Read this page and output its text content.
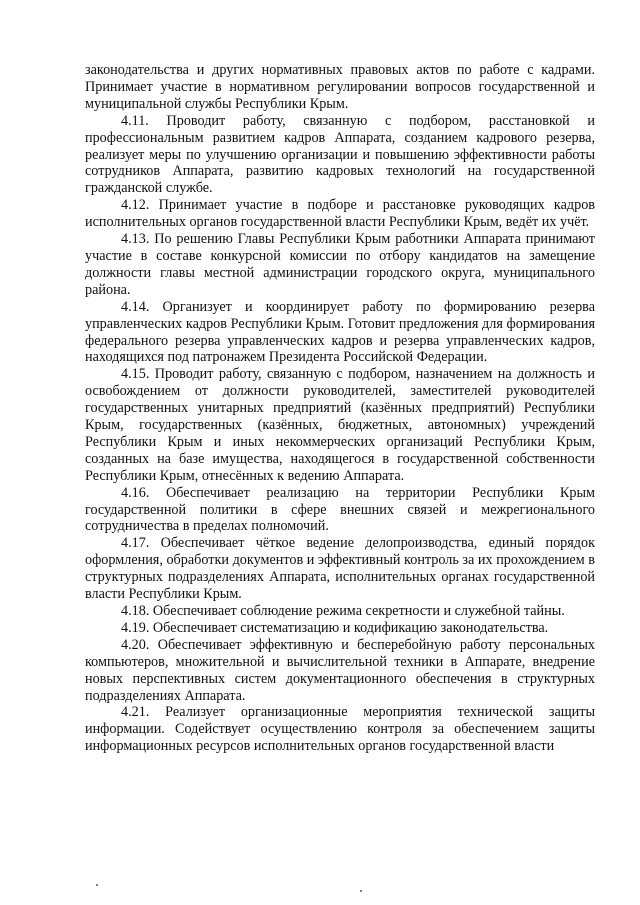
законодательства и других нормативных правовых актов по работе с кадрами. Принимает участие в нормативном регулировании вопросов государственной и муниципальной службы Республики Крым.

4.11. Проводит работу, связанную с подбором, расстановкой и профессиональным развитием кадров Аппарата, созданием кадрового резерва, реализует меры по улучшению организации и повышению эффективности работы сотрудников Аппарата, развитию кадровых технологий на государственной гражданской службе.

4.12. Принимает участие в подборе и расстановке руководящих кадров исполнительных органов государственной власти Республики Крым, ведёт их учёт.

4.13. По решению Главы Республики Крым работники Аппарата принимают участие в составе конкурсной комиссии по отбору кандидатов на замещение должности главы местной администрации городского округа, муниципального района.

4.14. Организует и координирует работу по формированию резерва управленческих кадров Республики Крым. Готовит предложения для формирования федерального резерва управленческих кадров и резерва управленческих кадров, находящихся под патронажем Президента Российской Федерации.

4.15. Проводит работу, связанную с подбором, назначением на должность и освобождением от должности руководителей, заместителей руководителей государственных унитарных предприятий (казённых предприятий) Республики Крым, государственных (казённых, бюджетных, автономных) учреждений Республики Крым и иных некоммерческих организаций Республики Крым, созданных на базе имущества, находящегося в государственной собственности Республики Крым, отнесённых к ведению Аппарата.

4.16. Обеспечивает реализацию на территории Республики Крым государственной политики в сфере внешних связей и межрегионального сотрудничества в пределах полномочий.

4.17. Обеспечивает чёткое ведение делопроизводства, единый порядок оформления, обработки документов и эффективный контроль за их прохождением в структурных подразделениях Аппарата, исполнительных органах государственной власти Республики Крым.

4.18. Обеспечивает соблюдение режима секретности и служебной тайны.

4.19. Обеспечивает систематизацию и кодификацию законодательства.

4.20. Обеспечивает эффективную и бесперебойную работу персональных компьютеров, множительной и вычислительной техники в Аппарате, внедрение новых перспективных систем документационного обеспечения в структурных подразделениях Аппарата.

4.21. Реализует организационные мероприятия технической защиты информации. Содействует осуществлению контроля за обеспечением защиты информационных ресурсов исполнительных органов государственной власти
